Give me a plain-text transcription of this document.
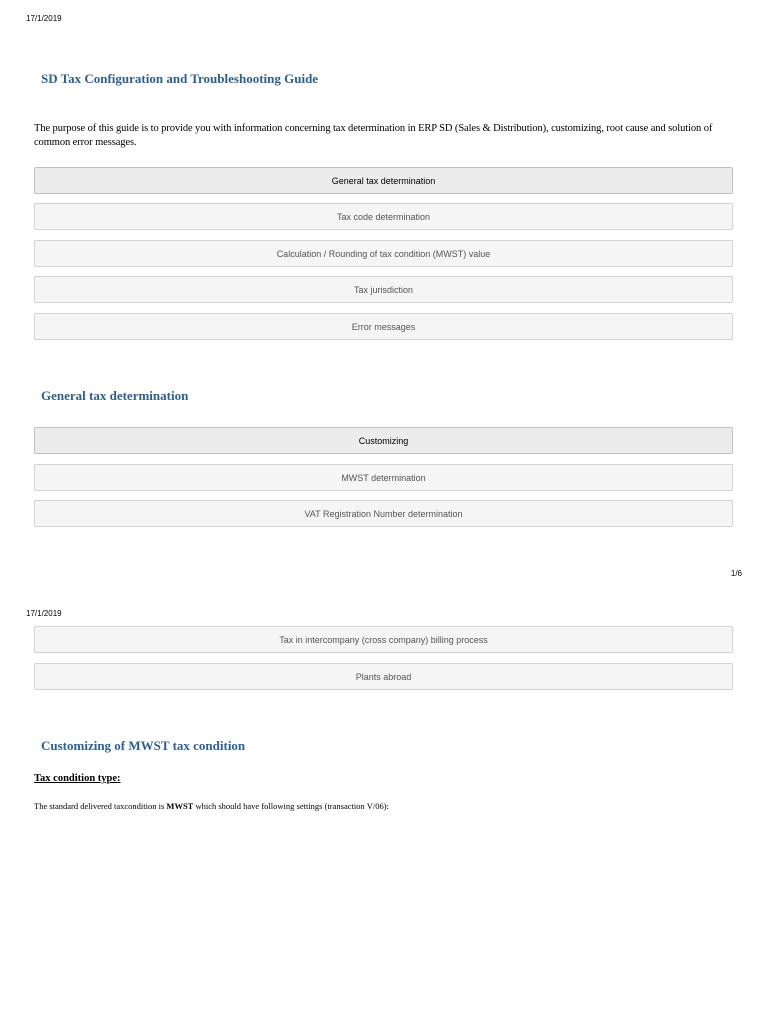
17/1/2019
SD Tax Configuration and Troubleshooting Guide

The purpose of this guide is to provide you with information concerning tax determination in ERP SD (Sales & Distribution), customizing, root cause and solution of common error messages.

General tax determination
Tax code determination
Calculation / Rounding of tax condition (MWST) value
Tax jurisdiction
Error messages
General tax determination
Customizing
MWST determination
VAT Registration Number determination
1/6
17/1/2019
Tax in intercompany (cross company) billing process
Plants abroad
Customizing of MWST tax condition
Tax condition type:

The standard delivered taxcondition is MWST which should have following settings (transaction V/06):
